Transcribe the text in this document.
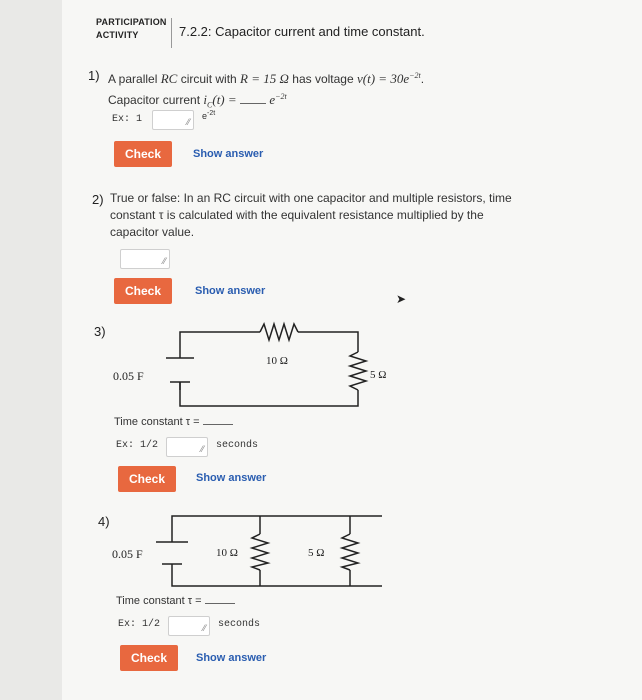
PARTICIPATION
ACTIVITY	7.2.2: Capacitor current and time constant.
1) A parallel RC circuit with R = 15 Ω has voltage $v(t) = 30e^{-2t}$.
Capacitor current $i_C(t)$ =	$e^{-2t}$
Ex: 1	⁄⁄
$e^{-2t}$
Check	Show answer
2) True or false: In an RC circuit with one capacitor and multiple resistors, time constant τ is calculated with the equivalent resistance multiplied by the capacitor value.
⁄⁄
Check	Show answer
➤
3)
0.05 F
10 Ω
5 Ω
Time constant τ =
Ex: 1/2	⁄⁄ seconds
Check	Show answer
4)
0.05 F	10 Ω	5 Ω
Time constant τ =
Ex: 1/2	⁄⁄ seconds
Check	Show answer
